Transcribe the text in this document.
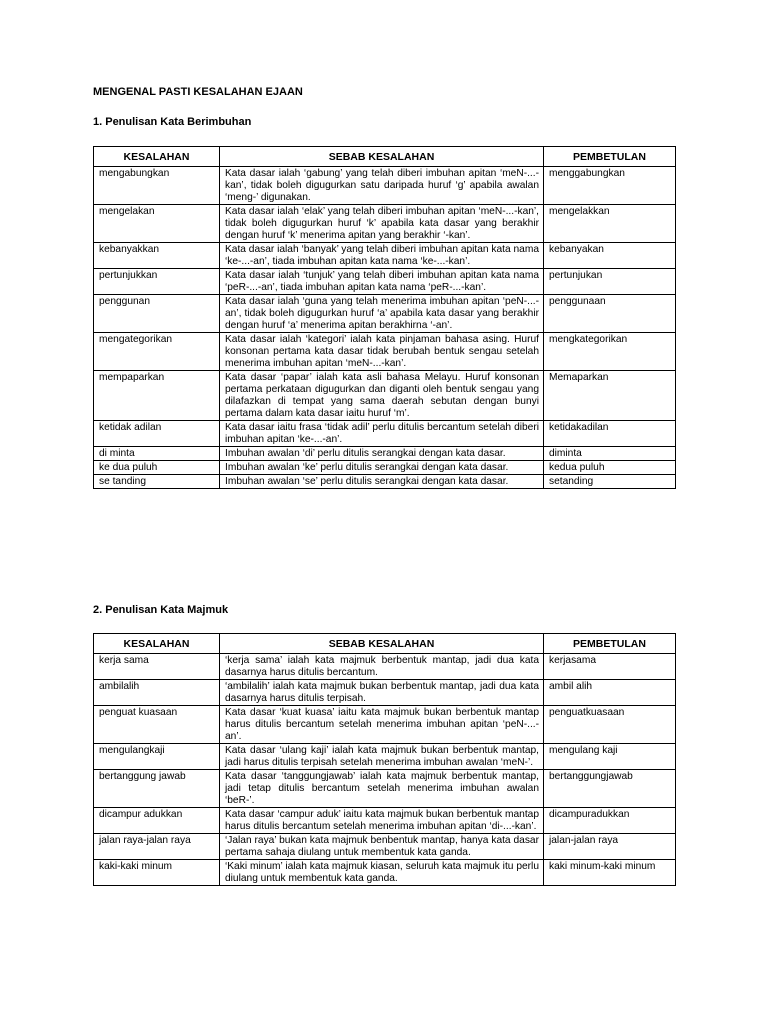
MENGENAL PASTI KESALAHAN EJAAN
1. Penulisan Kata Berimbuhan
KESALAHAN	SEBAB KESALAHAN	PEMBETULAN
mengabungkan	Kata dasar ialah ‘gabung’ yang telah diberi imbuhan apitan ‘meN-...-kan’, tidak boleh digugurkan satu daripada huruf ‘g’ apabila awalan ‘meng-’ digunakan.	menggabungkan
mengelakan	Kata dasar ialah ‘elak’ yang telah diberi imbuhan apitan ‘meN-...-kan’, tidak boleh digugurkan huruf ‘k’ apabila kata dasar yang berakhir dengan huruf ‘k’ menerima apitan yang berakhir ‘-kan’.	mengelakkan
kebanyakkan	Kata dasar ialah ‘banyak’ yang telah diberi imbuhan apitan kata nama ‘ke-...-an’, tiada imbuhan apitan kata nama ‘ke-...-kan’.	kebanyakan
pertunjukkan	Kata dasar ialah ‘tunjuk’ yang telah diberi imbuhan apitan kata nama ‘peR-...-an’, tiada imbuhan apitan kata nama ‘peR-...-kan’.	pertunjukan
penggunan	Kata dasar ialah ‘guna yang telah menerima imbuhan apitan ‘peN-...-an’, tidak boleh digugurkan huruf ‘a’ apabila kata dasar yang berakhir dengan huruf ‘a’ menerima apitan berakhirna ‘-an’.	penggunaan
mengategorikan	Kata dasar ialah ‘kategori’ ialah kata pinjaman bahasa asing. Huruf konsonan pertama kata dasar tidak berubah bentuk sengau setelah menerima imbuhan apitan ‘meN-...-kan’.	mengkategorikan
mempaparkan	Kata dasar ‘papar’ ialah kata asli bahasa Melayu. Huruf konsonan pertama perkataan digugurkan dan diganti oleh bentuk sengau yang dilafazkan di tempat yang sama daerah sebutan dengan bunyi pertama dalam kata dasar iaitu huruf ‘m’.	Memaparkan
ketidak adilan	Kata dasar iaitu frasa ‘tidak adil’ perlu ditulis bercantum setelah diberi imbuhan apitan ‘ke-...-an’.	ketidakadilan
di minta	Imbuhan awalan ‘di’ perlu ditulis serangkai dengan kata dasar.	diminta
ke dua puluh	Imbuhan awalan ‘ke’ perlu ditulis serangkai dengan kata dasar.	kedua puluh
se tanding	Imbuhan awalan ‘se’ perlu ditulis serangkai dengan kata dasar.	setanding
2. Penulisan Kata Majmuk
KESALAHAN	SEBAB KESALAHAN	PEMBETULAN
kerja sama	‘kerja sama’ ialah kata majmuk berbentuk mantap, jadi dua kata dasarnya harus ditulis bercantum.	kerjasama
ambilalih	‘ambilalih’ ialah kata majmuk bukan berbentuk mantap, jadi dua kata dasarnya harus ditulis terpisah.	ambil alih
penguat kuasaan	Kata dasar ‘kuat kuasa’ iaitu kata majmuk bukan berbentuk mantap harus ditulis bercantum setelah menerima imbuhan apitan ‘peN-...-an’.	penguatkuasaan
mengulangkaji	Kata dasar ‘ulang kaji’ ialah kata majmuk bukan berbentuk mantap, jadi harus ditulis terpisah setelah menerima imbuhan awalan ‘meN-’.	mengulang kaji
bertanggung jawab	Kata dasar ‘tanggungjawab’ ialah kata majmuk berbentuk mantap, jadi tetap ditulis bercantum setelah menerima imbuhan awalan ‘beR-’.	bertanggungjawab
dicampur adukkan	Kata dasar ‘campur aduk’ iaitu kata majmuk bukan berbentuk mantap harus ditulis bercantum setelah menerima imbuhan apitan ‘di-...-kan’.	dicampuradukkan
jalan raya-jalan raya	‘Jalan raya’ bukan kata majmuk benbentuk mantap, hanya kata dasar pertama sahaja diulang untuk membentuk kata ganda.	jalan-jalan raya
kaki-kaki minum	‘Kaki minum’ ialah kata majmuk kiasan, seluruh kata majmuk itu perlu diulang untuk membentuk kata ganda.	kaki minum-kaki minum
